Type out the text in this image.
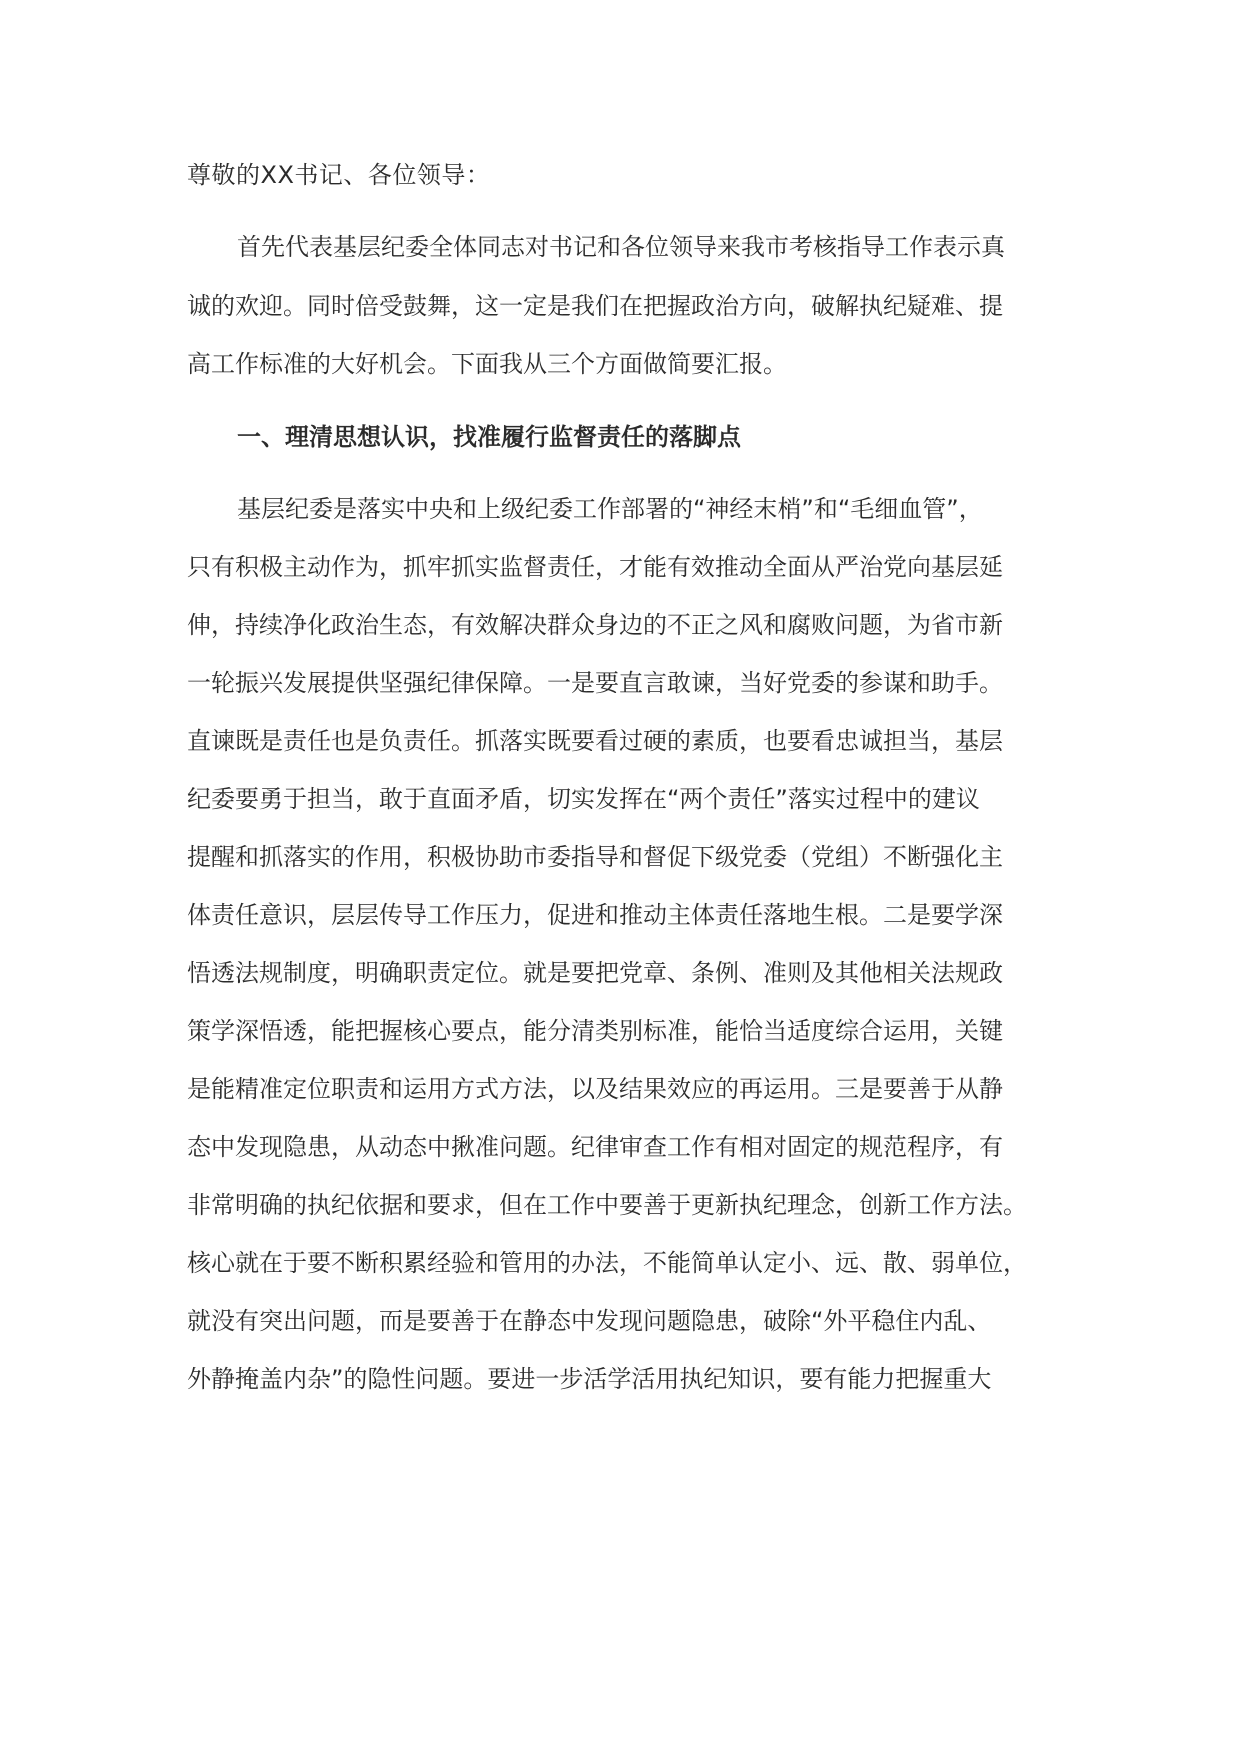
尊敬的XX书记、各位领导：
首先代表基层纪委全体同志对书记和各位领导来我市考核指导工作表示真
诚的欢迎。同时倍受鼓舞，这一定是我们在把握政治方向，破解执纪疑难、提
高工作标准的大好机会。下面我从三个方面做简要汇报。
一、理清思想认识，找准履行监督责任的落脚点
基层纪委是落实中央和上级纪委工作部署的“神经末梢”和“毛细血管”，
只有积极主动作为，抓牢抓实监督责任，才能有效推动全面从严治党向基层延
伸，持续净化政治生态，有效解决群众身边的不正之风和腐败问题，为省市新
一轮振兴发展提供坚强纪律保障。一是要直言敢谏，当好党委的参谋和助手。
直谏既是责任也是负责任。抓落实既要看过硬的素质，也要看忠诚担当，基层
纪委要勇于担当，敢于直面矛盾，切实发挥在“两个责任”落实过程中的建议
提醒和抓落实的作用，积极协助市委指导和督促下级党委（党组）不断强化主
体责任意识，层层传导工作压力，促进和推动主体责任落地生根。二是要学深
悟透法规制度，明确职责定位。就是要把党章、条例、准则及其他相关法规政
策学深悟透，能把握核心要点，能分清类别标准，能恰当适度综合运用，关键
是能精准定位职责和运用方式方法，以及结果效应的再运用。三是要善于从静
态中发现隐患，从动态中揪准问题。纪律审查工作有相对固定的规范程序，有
非常明确的执纪依据和要求，但在工作中要善于更新执纪理念，创新工作方法。
核心就在于要不断积累经验和管用的办法，不能简单认定小、远、散、弱单位，
就没有突出问题，而是要善于在静态中发现问题隐患，破除“外平稳住内乱、
外静掩盖内杂”的隐性问题。要进一步活学活用执纪知识，要有能力把握重大
